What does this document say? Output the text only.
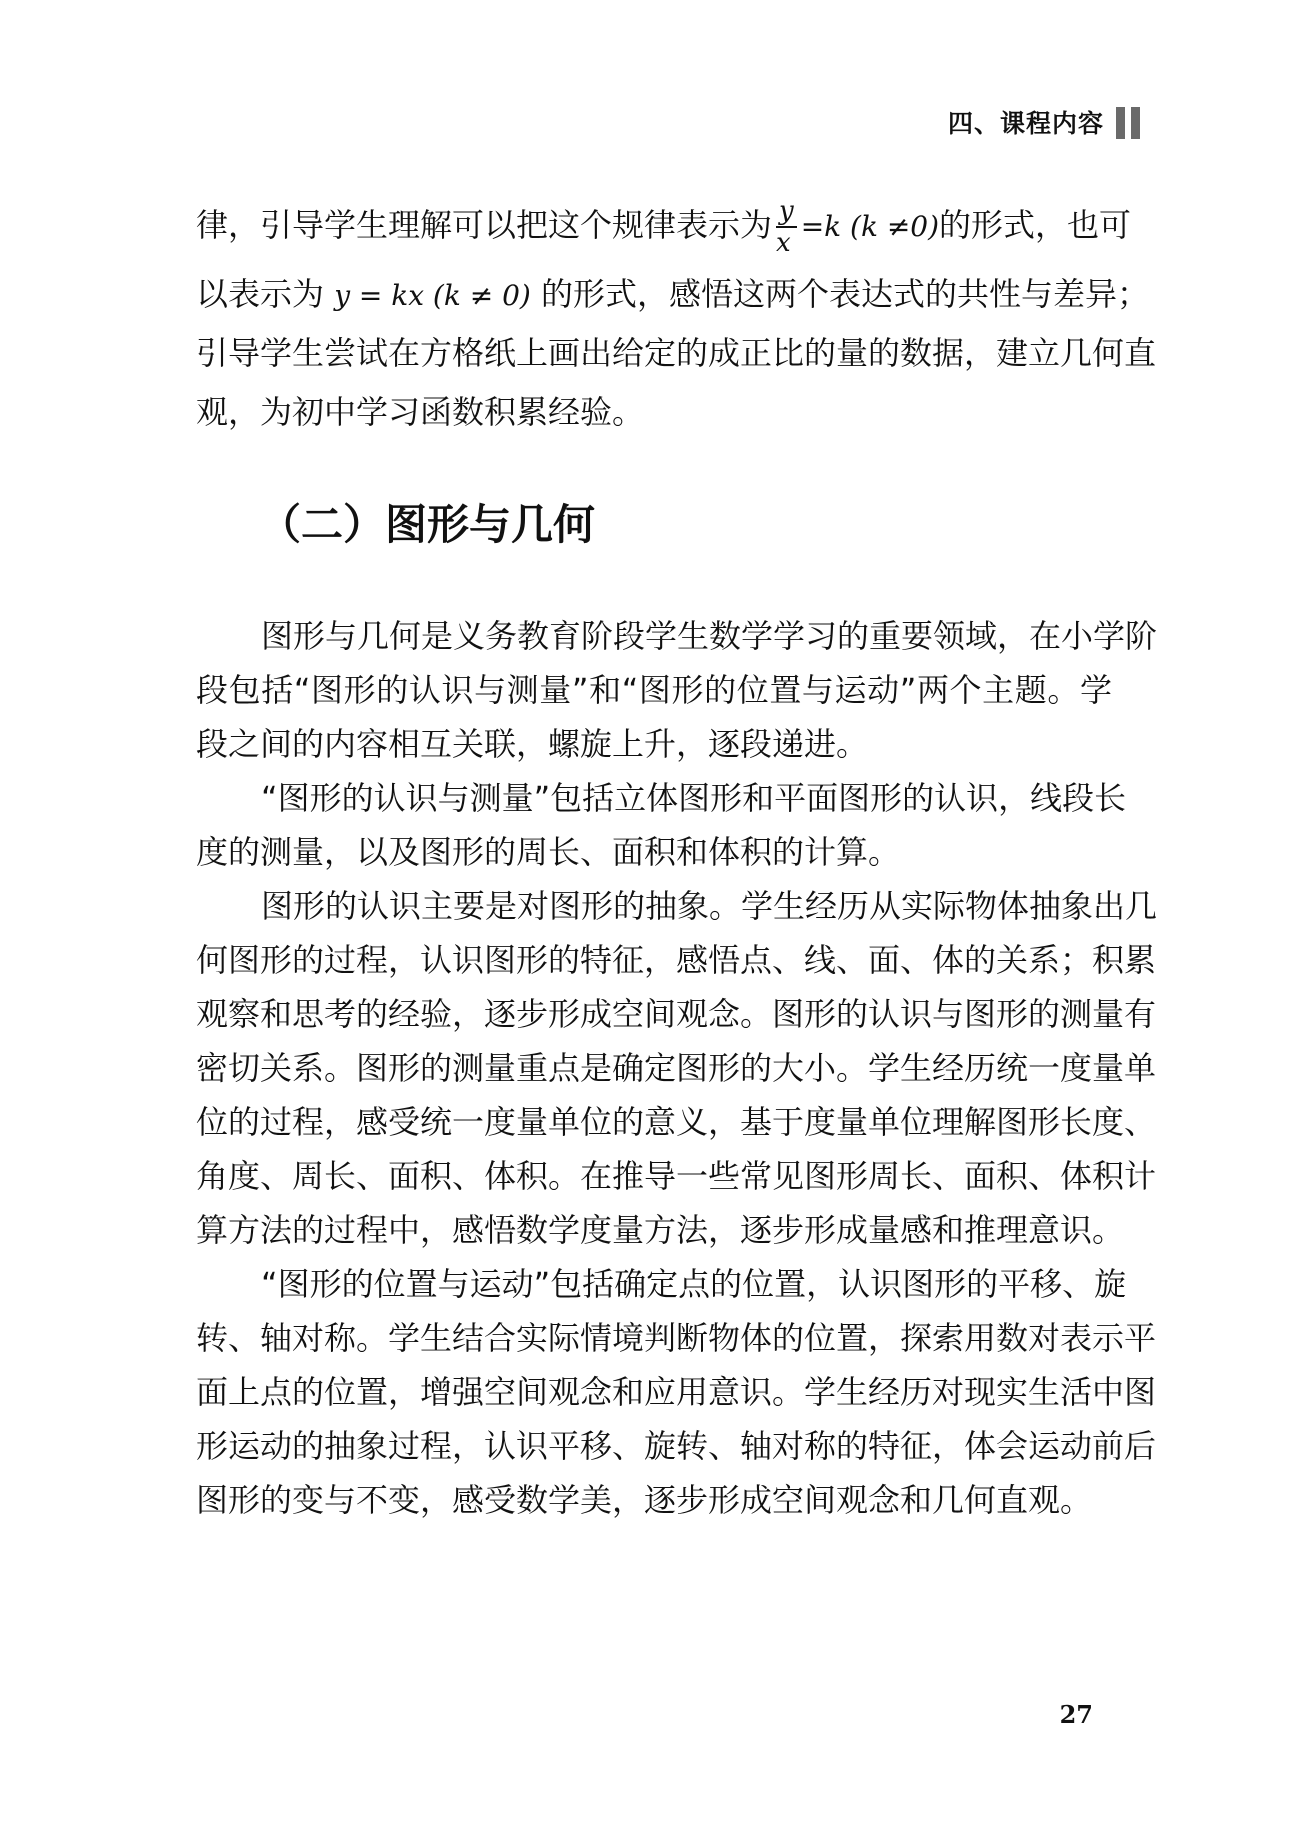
四、课程内容
律，引导学生理解可以把这个规律表示为 $\frac{y}{x} =k$ (k ≠0)的形式，也可
以表示为 y = kx (k ≠ 0) 的形式，感悟这两个表达式的共性与差异；
引导学生尝试在方格纸上画出给定的成正比的量的数据，建立几何直
观，为初中学习函数积累经验。
（二）图形与几何
图形与几何是义务教育阶段学生数学学习的重要领域，在小学阶
段包括“图形的认识与测量”和“图形的位置与运动”两个主题。学
段之间的内容相互关联，螺旋上升，逐段递进。
“图形的认识与测量”包括立体图形和平面图形的认识，线段长
度的测量，以及图形的周长、面积和体积的计算。
图形的认识主要是对图形的抽象。学生经历从实际物体抽象出几
何图形的过程，认识图形的特征，感悟点、线、面、体的关系；积累
观察和思考的经验，逐步形成空间观念。图形的认识与图形的测量有
密切关系。图形的测量重点是确定图形的大小。学生经历统一度量单
位的过程，感受统一度量单位的意义，基于度量单位理解图形长度、
角度、周长、面积、体积。在推导一些常见图形周长、面积、体积计
算方法的过程中，感悟数学度量方法，逐步形成量感和推理意识。
“图形的位置与运动”包括确定点的位置，认识图形的平移、旋
转、轴对称。学生结合实际情境判断物体的位置，探索用数对表示平
面上点的位置，增强空间观念和应用意识。学生经历对现实生活中图
形运动的抽象过程，认识平移、旋转、轴对称的特征，体会运动前后
图形的变与不变，感受数学美，逐步形成空间观念和几何直观。
27
